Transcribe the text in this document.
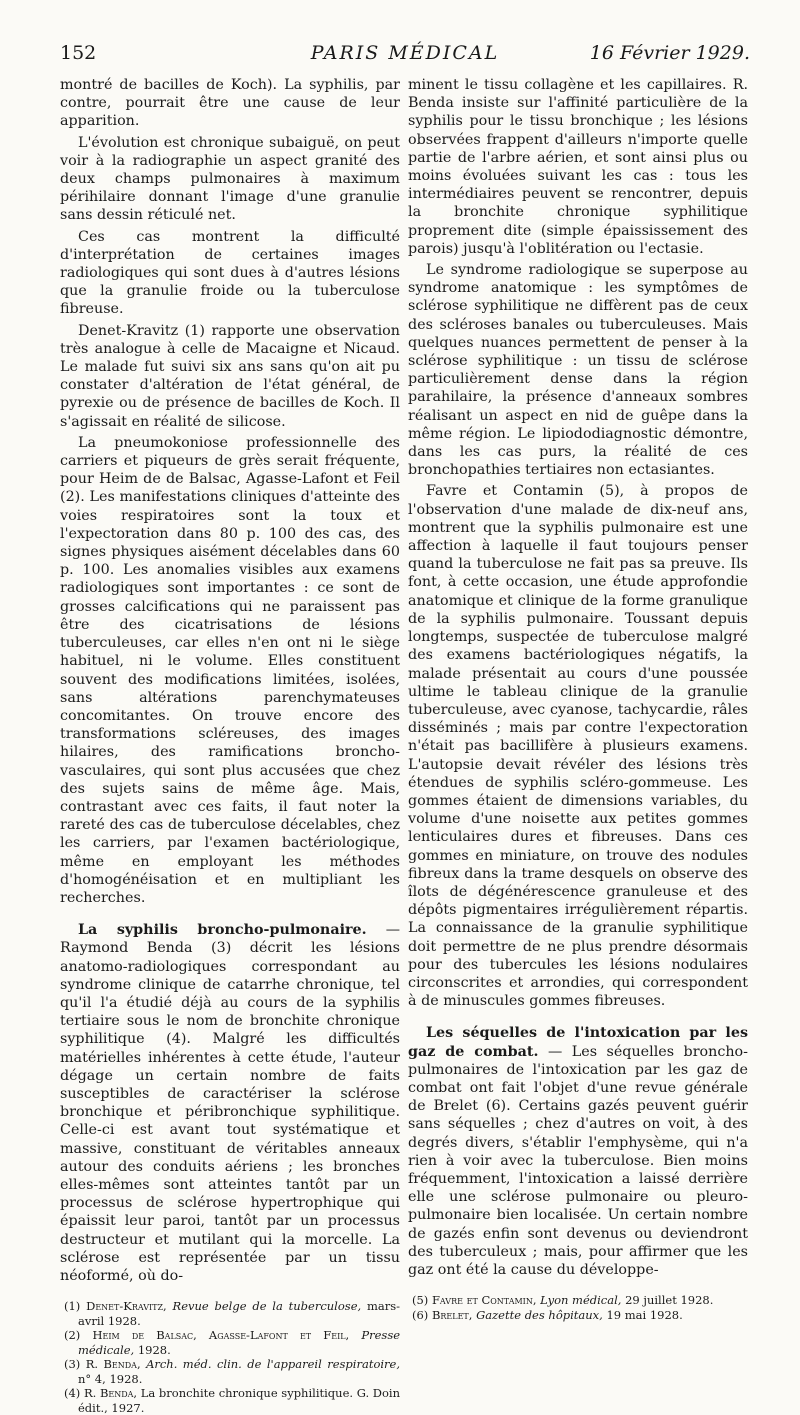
152	PARIS MÉDICAL	16 Février 1929.

montré de bacilles de Koch). La syphilis, par contre, pourrait être une cause de leur apparition.

L'évolution est chronique subaiguë, on peut voir à la radiographie un aspect granité des deux champs pulmonaires à maximum périhilaire donnant l'image d'une granulie sans dessin réticulé net.

Ces cas montrent la difficulté d'interprétation de certaines images radiologiques qui sont dues à d'autres lésions que la granulie froide ou la tuberculose fibreuse.

Denet-Kravitz (1) rapporte une observation très analogue à celle de Macaigne et Nicaud. Le malade fut suivi six ans sans qu'on ait pu constater d'altération de l'état général, de pyrexie ou de présence de bacilles de Koch. Il s'agissait en réalité de silicose.

La pneumokoniose professionnelle des carriers et piqueurs de grès serait fréquente, pour Heim de de Balsac, Agasse-Lafont et Feil (2). Les manifestations cliniques d'atteinte des voies respiratoires sont la toux et l'expectoration dans 80 p. 100 des cas, des signes physiques aisément décelables dans 60 p. 100. Les anomalies visibles aux examens radiologiques sont importantes : ce sont de grosses calcifications qui ne paraissent pas être des cicatrisations de lésions tuberculeuses, car elles n'en ont ni le siège habituel, ni le volume. Elles constituent souvent des modifications limitées, isolées, sans altérations parenchymateuses concomitantes. On trouve encore des transformations scléreuses, des images hilaires, des ramifications broncho-vasculaires, qui sont plus accusées que chez des sujets sains de même âge. Mais, contrastant avec ces faits, il faut noter la rareté des cas de tuberculose décelables, chez les carriers, par l'examen bactériologique, même en employant les méthodes d'homogénéisation et en multipliant les recherches.

La syphilis broncho-pulmonaire. — Raymond Benda (3) décrit les lésions anatomo-radiologiques correspondant au syndrome clinique de catarrhe chronique, tel qu'il l'a étudié déjà au cours de la syphilis tertiaire sous le nom de bronchite chronique syphilitique (4). Malgré les difficultés matérielles inhérentes à cette étude, l'auteur dégage un certain nombre de faits susceptibles de caractériser la sclérose bronchique et péribronchique syphilitique. Celle-ci est avant tout systématique et massive, constituant de véritables anneaux autour des conduits aériens ; les bronches elles-mêmes sont atteintes tantôt par un processus de sclérose hypertrophique qui épaissit leur paroi, tantôt par un processus destructeur et mutilant qui la morcelle. La sclérose est représentée par un tissu néoformé, où do-

(1) Denet-Kravitz, Revue belge de la tuberculose, mars-avril 1928.
(2) Heim de Balsac, Agasse-Lafont et Feil, Presse médicale, 1928.
(3) R. Benda, Arch. méd. clin. de l'appareil respiratoire, n° 4, 1928.
(4) R. Benda, La bronchite chronique syphilitique. G. Doin édit., 1927.

minent le tissu collagène et les capillaires. R. Benda insiste sur l'affinité particulière de la syphilis pour le tissu bronchique ; les lésions observées frappent d'ailleurs n'importe quelle partie de l'arbre aérien, et sont ainsi plus ou moins évoluées suivant les cas : tous les intermédiaires peuvent se rencontrer, depuis la bronchite chronique syphilitique proprement dite (simple épaississement des parois) jusqu'à l'oblitération ou l'ectasie.

Le syndrome radiologique se superpose au syndrome anatomique : les symptômes de sclérose syphilitique ne diffèrent pas de ceux des scléroses banales ou tuberculeuses. Mais quelques nuances permettent de penser à la sclérose syphilitique : un tissu de sclérose particulièrement dense dans la région parahilaire, la présence d'anneaux sombres réalisant un aspect en nid de guêpe dans la même région. Le lipiododiagnostic démontre, dans les cas purs, la réalité de ces bronchopathies tertiaires non ectasiantes.

Favre et Contamin (5), à propos de l'observation d'une malade de dix-neuf ans, montrent que la syphilis pulmonaire est une affection à laquelle il faut toujours penser quand la tuberculose ne fait pas sa preuve. Ils font, à cette occasion, une étude approfondie anatomique et clinique de la forme granulique de la syphilis pulmonaire. Toussant depuis longtemps, suspectée de tuberculose malgré des examens bactériologiques négatifs, la malade présentait au cours d'une poussée ultime le tableau clinique de la granulie tuberculeuse, avec cyanose, tachycardie, râles disséminés ; mais par contre l'expectoration n'était pas bacillifère à plusieurs examens. L'autopsie devait révéler des lésions très étendues de syphilis scléro-gommeuse. Les gommes étaient de dimensions variables, du volume d'une noisette aux petites gommes lenticulaires dures et fibreuses. Dans ces gommes en miniature, on trouve des nodules fibreux dans la trame desquels on observe des îlots de dégénérescence granuleuse et des dépôts pigmentaires irrégulièrement répartis. La connaissance de la granulie syphilitique doit permettre de ne plus prendre désormais pour des tubercules les lésions nodulaires circonscrites et arrondies, qui correspondent à de minuscules gommes fibreuses.

Les séquelles de l'intoxication par les gaz de combat. — Les séquelles broncho-pulmonaires de l'intoxication par les gaz de combat ont fait l'objet d'une revue générale de Brelet (6). Certains gazés peuvent guérir sans séquelles ; chez d'autres on voit, à des degrés divers, s'établir l'emphysème, qui n'a rien à voir avec la tuberculose. Bien moins fréquemment, l'intoxication a laissé derrière elle une sclérose pulmonaire ou pleuro-pulmonaire bien localisée. Un certain nombre de gazés enfin sont devenus ou deviendront des tuberculeux ; mais, pour affirmer que les gaz ont été la cause du développe-

(5) Favre et Contamin, Lyon médical, 29 juillet 1928.
(6) Brelet, Gazette des hôpitaux, 19 mai 1928.
